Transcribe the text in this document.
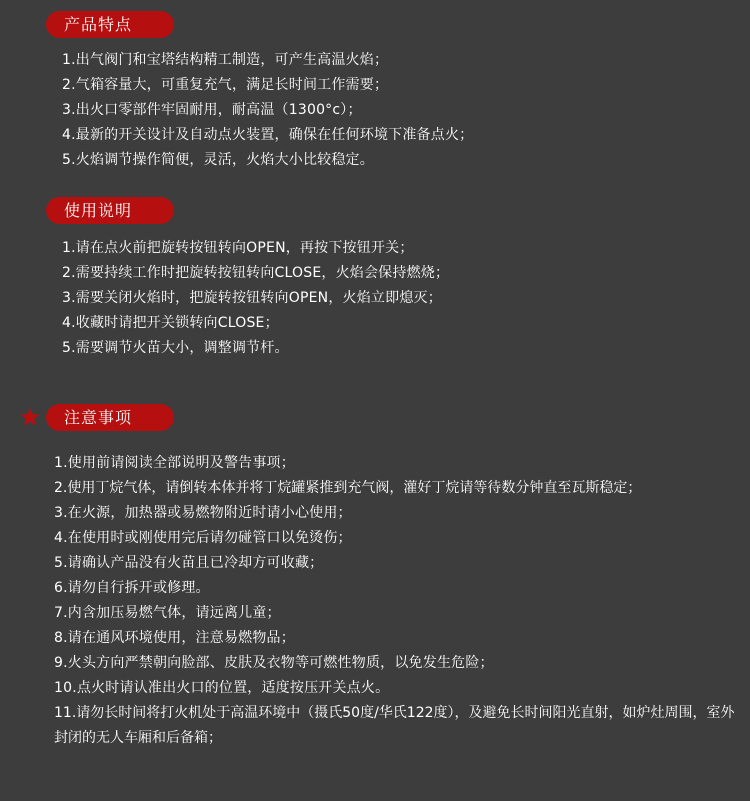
产品特点
1.出气阀门和宝塔结构精工制造，可产生高温火焰；
2.气箱容量大，可重复充气，满足长时间工作需要；
3.出火口零部件牢固耐用，耐高温（1300°c）；
4.最新的开关设计及自动点火装置，确保在任何环境下准备点火；
5.火焰调节操作简便，灵活，火焰大小比较稳定。
使用说明
1.请在点火前把旋转按钮转向OPEN，再按下按钮开关；
2.需要持续工作时把旋转按钮转向CLOSE，火焰会保持燃烧；
3.需要关闭火焰时，把旋转按钮转向OPEN，火焰立即熄灭；
4.收藏时请把开关锁转向CLOSE；
5.需要调节火苗大小，调整调节杆。
注意事项
1.使用前请阅读全部说明及警告事项；
2.使用丁烷气体，请倒转本体并将丁烷罐紧推到充气阀，灌好丁烷请等待数分钟直至瓦斯稳定；
3.在火源，加热器或易燃物附近时请小心使用；
4.在使用时或刚使用完后请勿碰管口以免烫伤；
5.请确认产品没有火苗且已冷却方可收藏；
6.请勿自行拆开或修理。
7.内含加压易燃气体，请远离儿童；
8.请在通风环境使用，注意易燃物品；
9.火头方向严禁朝向脸部、皮肤及衣物等可燃性物质，以免发生危险；
10.点火时请认准出火口的位置，适度按压开关点火。
11.请勿长时间将打火机处于高温环境中（摄氏50度/华氏122度），及避免长时间阳光直射，如炉灶周围，室外封闭的无人车厢和后备箱；
